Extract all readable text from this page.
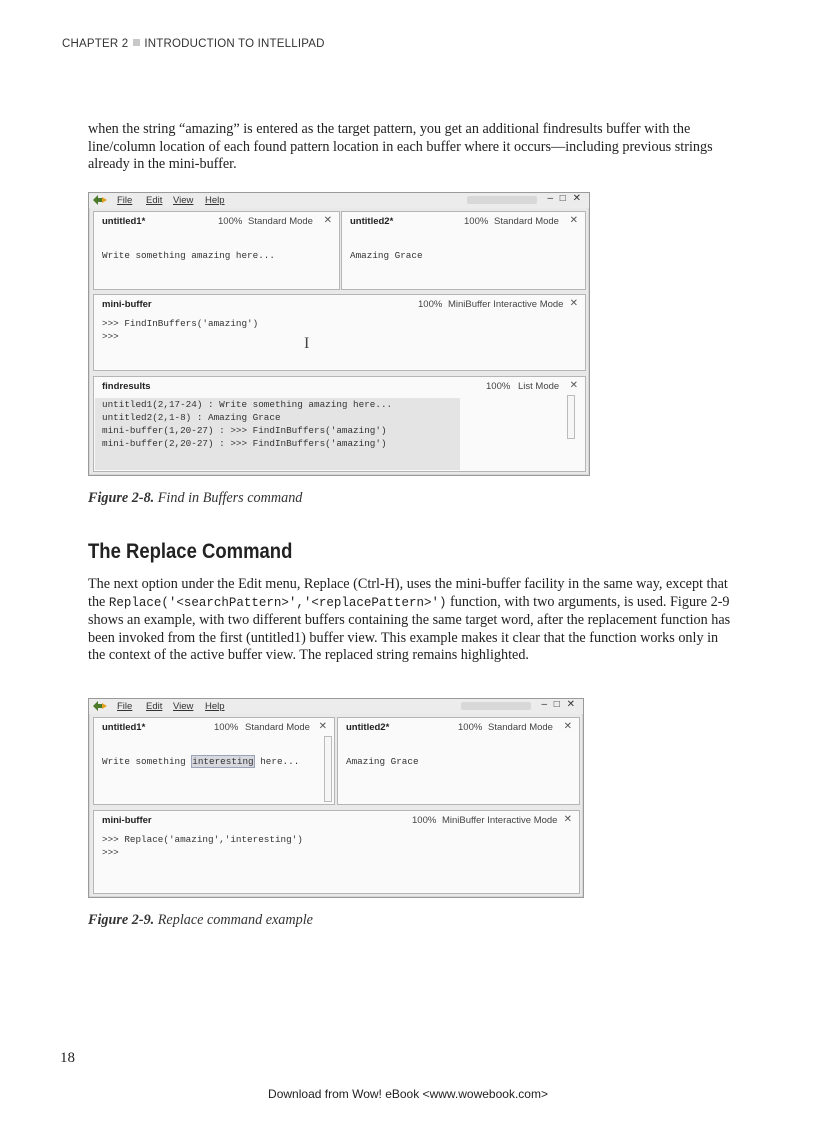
CHAPTER 2 INTRODUCTION TO INTELLIPAD
when the string “amazing” is entered as the target pattern, you get an additional findresults buffer with the line/column location of each found pattern location in each buffer where it occurs—including previous strings already in the mini-buffer.
File Edit View Help	‒ □ ✕
untitled1*	100% Standard Mode ✕
Write something amazing here...
untitled2*	100% Standard Mode ✕
Amazing Grace
mini-buffer	100% MiniBuffer Interactive Mode ✕
>>> FindInBuffers('amazing')
>>>	I
findresults	100% List Mode ✕
untitled1(2,17-24) : Write something amazing here...
untitled2(2,1-8) : Amazing Grace
mini-buffer(1,20-27) : >>> FindInBuffers('amazing')
mini-buffer(2,20-27) : >>> FindInBuffers('amazing')
Figure 2-8. Find in Buffers command
The Replace Command
The next option under the Edit menu, Replace (Ctrl-H), uses the mini-buffer facility in the same way, except that the Replace('<searchPattern>','<replacePattern>') function, with two arguments, is used. Figure 2-9 shows an example, with two different buffers containing the same target word, after the replacement function has been invoked from the first (untitled1) buffer view. This example makes it clear that the function works only in the context of the active buffer view. The replaced string remains highlighted.
File Edit View Help	‒ □ ✕
untitled1*	100% Standard Mode ✕
Write something interesting here...
untitled2*	100% Standard Mode ✕
Amazing Grace
mini-buffer	100% MiniBuffer Interactive Mode ✕
>>> Replace('amazing','interesting')
>>>
Figure 2-9. Replace command example
18
Download from Wow! eBook <www.wowebook.com>
